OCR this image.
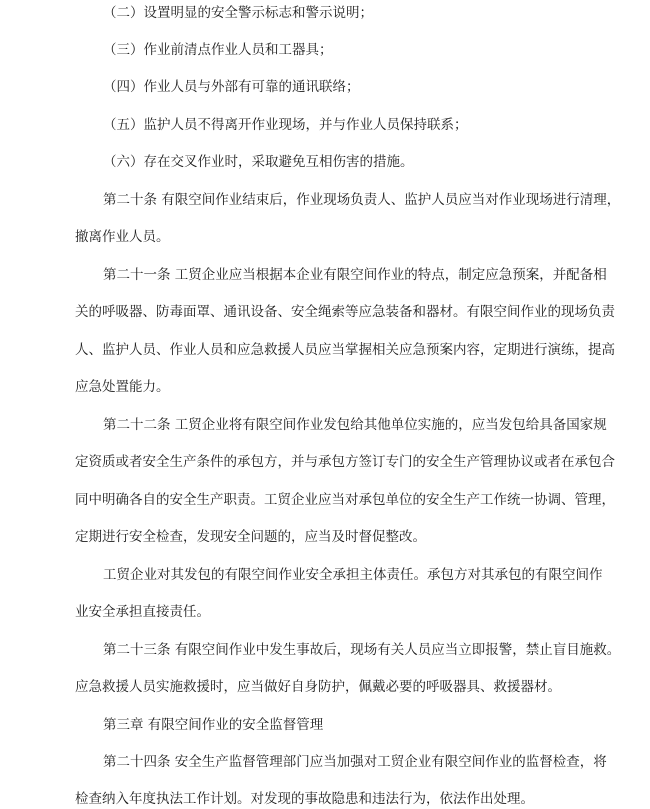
（二）设置明显的安全警示标志和警示说明；
（三）作业前清点作业人员和工器具；
（四）作业人员与外部有可靠的通讯联络；
（五）监护人员不得离开作业现场，并与作业人员保持联系；
（六）存在交叉作业时，采取避免互相伤害的措施。
第二十条 有限空间作业结束后，作业现场负责人、监护人员应当对作业现场进行清理，
撤离作业人员。
第二十一条 工贸企业应当根据本企业有限空间作业的特点，制定应急预案，并配备相
关的呼吸器、防毒面罩、通讯设备、安全绳索等应急装备和器材。有限空间作业的现场负责
人、监护人员、作业人员和应急救援人员应当掌握相关应急预案内容，定期进行演练，提高
应急处置能力。
第二十二条 工贸企业将有限空间作业发包给其他单位实施的，应当发包给具备国家规
定资质或者安全生产条件的承包方，并与承包方签订专门的安全生产管理协议或者在承包合
同中明确各自的安全生产职责。工贸企业应当对承包单位的安全生产工作统一协调、管理，
定期进行安全检查，发现安全问题的，应当及时督促整改。
工贸企业对其发包的有限空间作业安全承担主体责任。承包方对其承包的有限空间作
业安全承担直接责任。
第二十三条 有限空间作业中发生事故后，现场有关人员应当立即报警，禁止盲目施救。
应急救援人员实施救援时，应当做好自身防护，佩戴必要的呼吸器具、救援器材。
第三章 有限空间作业的安全监督管理
第二十四条 安全生产监督管理部门应当加强对工贸企业有限空间作业的监督检查，将
检查纳入年度执法工作计划。对发现的事故隐患和违法行为，依法作出处理。
